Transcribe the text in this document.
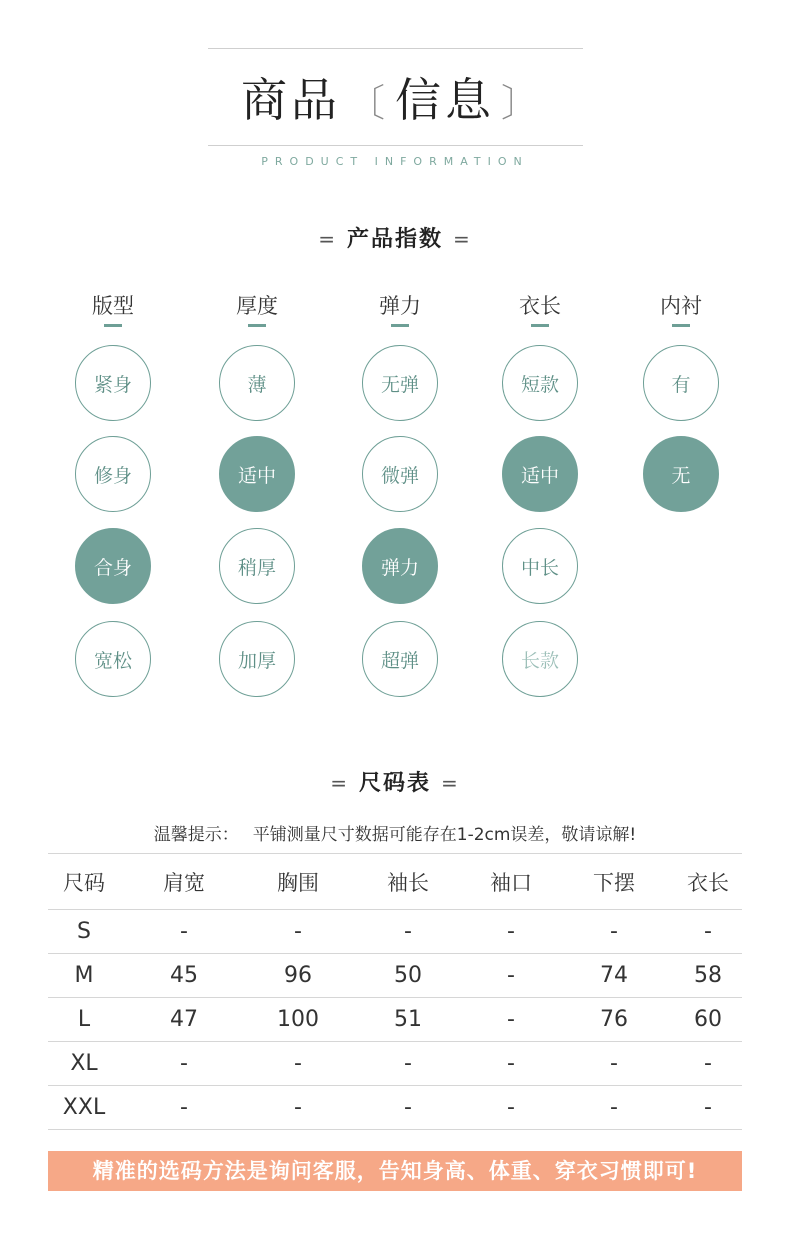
商品 〔 信息 〕
PRODUCT INFORMATION
= 产品指数 =
版型
紧身
修身
合身
宽松
厚度
薄
适中
稍厚
加厚
弹力
无弹
微弹
弹力
超弹
衣长
短款
适中
中长
长款
内衬
有
无
= 尺码表 =
温馨提示： 平铺测量尺寸数据可能存在1-2cm误差，敬请谅解!
尺码	肩宽	胸围	袖长	袖口	下摆	衣长
S	-	-	-	-	-	-
M	45	96	50	-	74	58
L	47	100	51	-	76	60
XL	-	-	-	-	-	-
XXL	-	-	-	-	-	-
精准的选码方法是询问客服，告知身高、体重、穿衣习惯即可!
